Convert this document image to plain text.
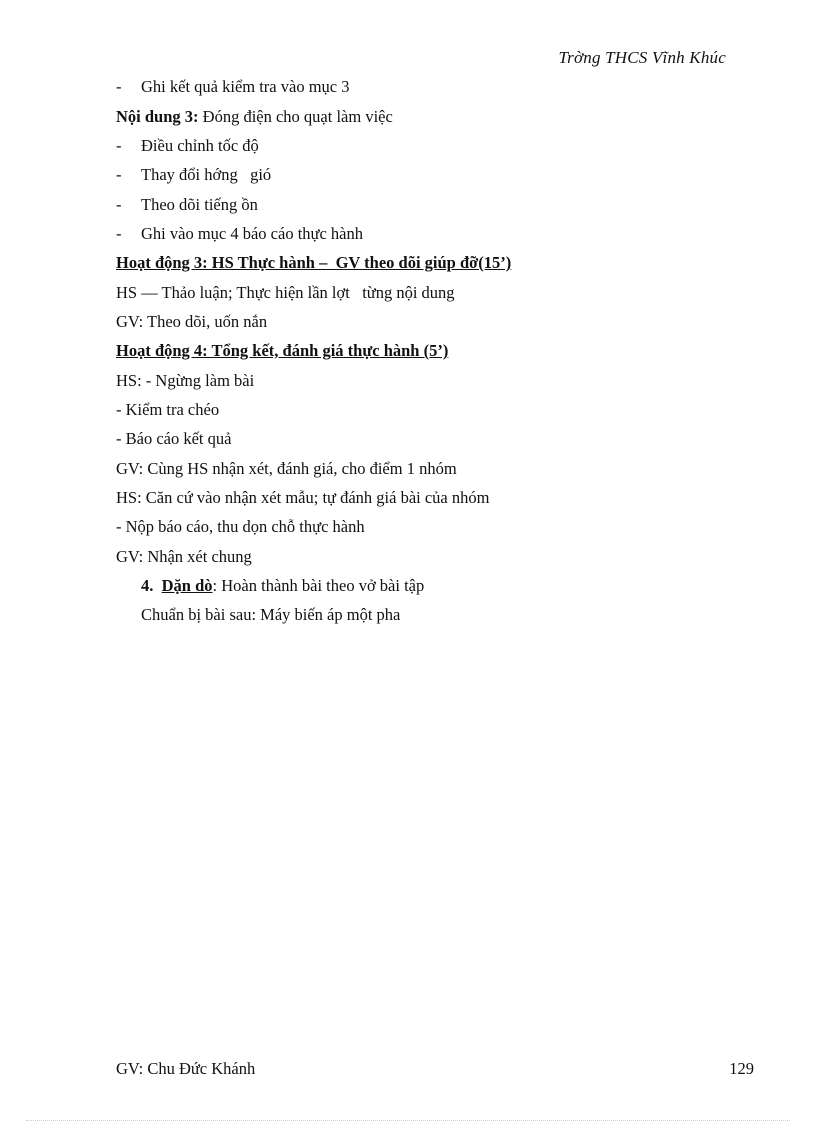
Trờng THCS Vĩnh Khúc
- Ghi kết quả kiểm tra vào mục 3
Nội dung 3: Đóng điện cho quạt làm việc
- Điều chỉnh tốc độ
- Thay đổi hớng   gió
- Theo dõi tiếng ồn
- Ghi vào mục 4 báo cáo thực hành
Hoạt động 3: HS Thực hành –  GV theo dõi giúp đỡ(15’)
HS — Thảo luận; Thực hiện lần lợt   từng nội dung
GV: Theo dõi, uốn nắn
Hoạt động 4: Tổng kết, đánh giá thực hành (5’)
HS: - Ngừng làm bài
- Kiểm tra chéo
- Báo cáo kết quả
GV: Cùng HS nhận xét, đánh giá, cho điểm 1 nhóm
HS: Căn cứ vào nhận xét mẫu; tự đánh giá bài của nhóm
- Nộp báo cáo, thu dọn chỗ thực hành
GV: Nhận xét chung
4. Dặn dò: Hoàn thành bài theo vở bài tập
Chuẩn bị bài sau: Máy biến áp một pha
GV: Chu Đức Khánh	129
